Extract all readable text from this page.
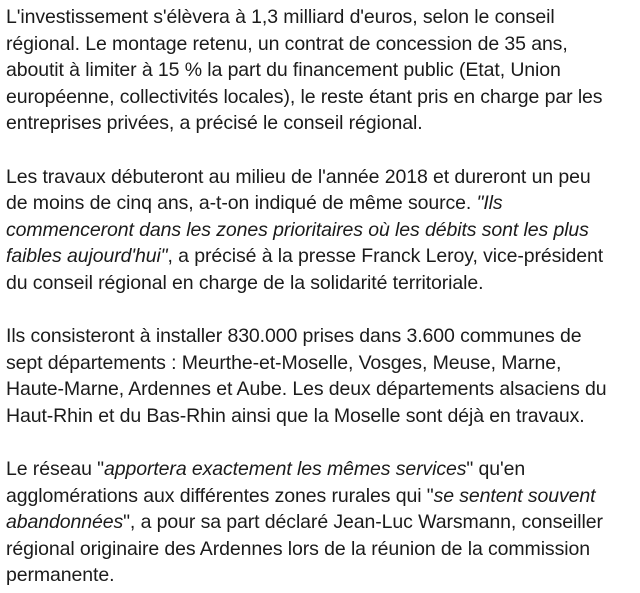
L'investissement s'élèvera à 1,3 milliard d'euros, selon le conseil
régional. Le montage retenu, un contrat de concession de 35 ans,
aboutit à limiter à 15 % la part du financement public (Etat, Union
européenne, collectivités locales), le reste étant pris en charge par les
entreprises privées, a précisé le conseil régional.

Les travaux débuteront au milieu de l'année 2018 et dureront un peu
de moins de cinq ans, a-t-on indiqué de même source. "Ils
commenceront dans les zones prioritaires où les débits sont les plus
faibles aujourd'hui", a précisé à la presse Franck Leroy, vice-président
du conseil régional en charge de la solidarité territoriale.

Ils consisteront à installer 830.000 prises dans 3.600 communes de
sept départements : Meurthe-et-Moselle, Vosges, Meuse, Marne,
Haute-Marne, Ardennes et Aube. Les deux départements alsaciens du
Haut-Rhin et du Bas-Rhin ainsi que la Moselle sont déjà en travaux.

Le réseau "apportera exactement les mêmes services" qu'en
agglomérations aux différentes zones rurales qui "se sentent souvent
abandonnées", a pour sa part déclaré Jean-Luc Warsmann, conseiller
régional originaire des Ardennes lors de la réunion de la commission
permanente.
